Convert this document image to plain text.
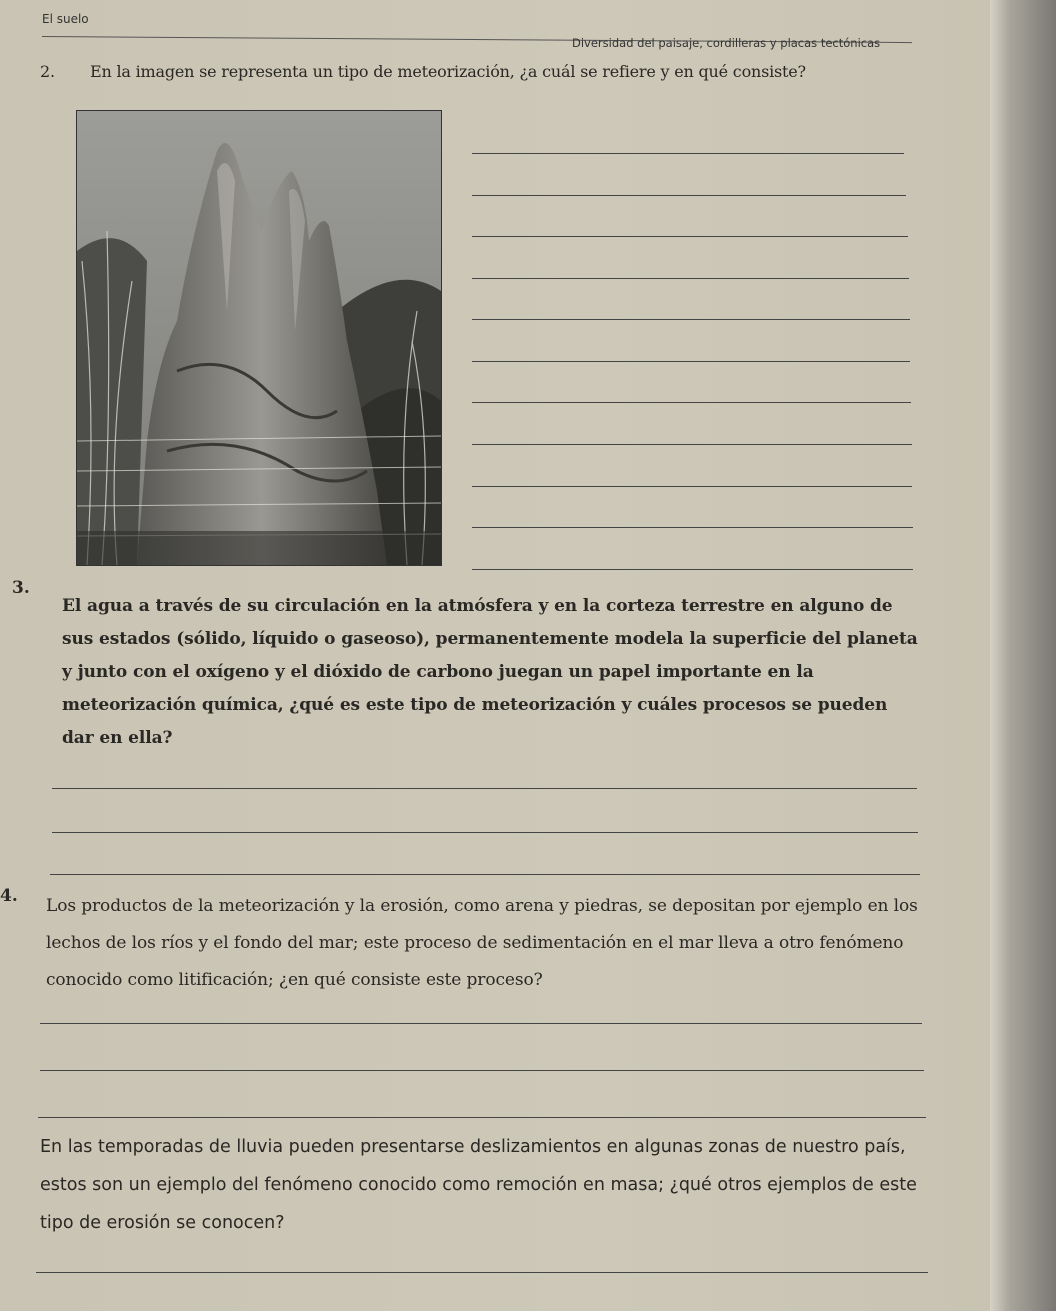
El suelo
Diversidad del paisaje, cordilleras y placas tectónicas
2. En la imagen se representa un tipo de meteorización, ¿a cuál se refiere y en qué consiste?
3.
El agua a través de su circulación en la atmósfera y en la corteza terrestre en alguno de sus estados (sólido, líquido o gaseoso), permanentemente modela la superficie del planeta y junto con el oxígeno y el dióxido de carbono juegan un papel importante en la meteorización química, ¿qué es este tipo de meteorización y cuáles procesos se pueden dar en ella?
4. Los productos de la meteorización y la erosión, como arena y piedras, se depositan por ejemplo en los lechos de los ríos y el fondo del mar; este proceso de sedimentación en el mar lleva a otro fenómeno conocido como litificación; ¿en qué consiste este proceso?
En las temporadas de lluvia pueden presentarse deslizamientos en algunas zonas de nuestro país, estos son un ejemplo del fenómeno conocido como remoción en masa; ¿qué otros ejemplos de este tipo de erosión se conocen?
